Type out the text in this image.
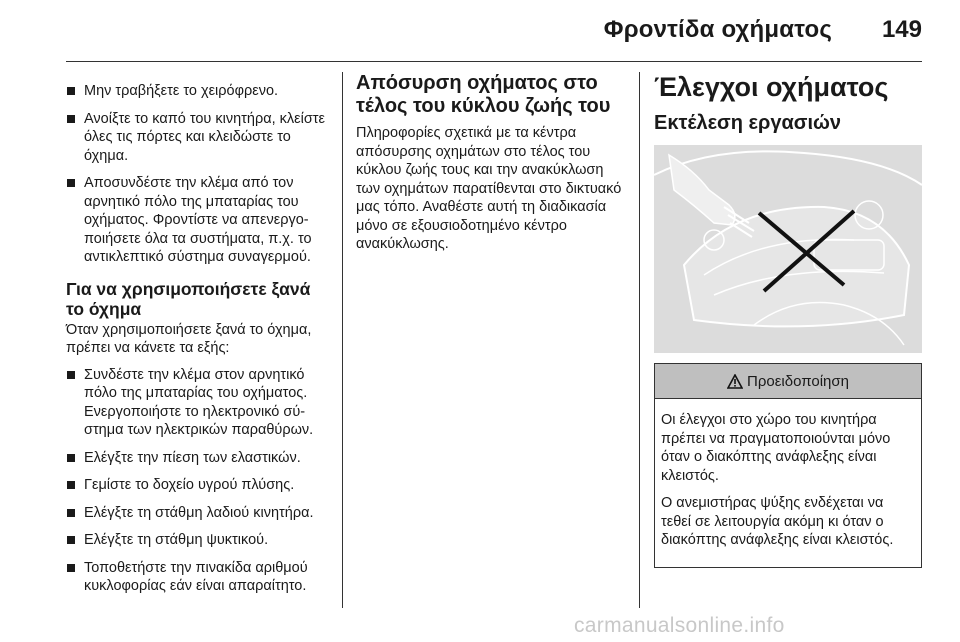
Φροντίδα οχήματος 149
Μην τραβήξετε το χειρόφρενο.
Ανοίξτε το καπό του κινητήρα, κλείστε όλες τις πόρτες και κλειδώστε το όχημα.
Αποσυνδέστε την κλέμα από τον αρνητικό πόλο της μπαταρίας του οχήματος. Φροντίστε να απενεργοποιήσετε όλα τα συστήματα, π.χ. το αντικλεπτικό σύστημα συναγερμού.
Για να χρησιμοποιήσετε ξανά το όχημα
Όταν χρησιμοποιήσετε ξανά το όχημα, πρέπει να κάνετε τα εξής:
Συνδέστε την κλέμα στον αρνητικό πόλο της μπαταρίας του οχήματος. Ενεργοποιήστε το ηλεκτρονικό σύστημα των ηλεκτρικών παραθύρων.
Ελέγξτε την πίεση των ελαστικών.
Γεμίστε το δοχείο υγρού πλύσης.
Ελέγξτε τη στάθμη λαδιού κινητήρα.
Ελέγξτε τη στάθμη ψυκτικού.
Τοποθετήστε την πινακίδα αριθμού κυκλοφορίας εάν είναι απαραίτητο.
Απόσυρση οχήματος στο τέλος του κύκλου ζωής του
Πληροφορίες σχετικά με τα κέντρα απόσυρσης οχημάτων στο τέλος του κύκλου ζωής τους και την ανακύκλωση των οχημάτων παρατίθενται στο δικτυακό μας τόπο. Αναθέστε αυτή τη διαδικασία μόνο σε εξουσιοδοτημένο κέντρο ανακύκλωσης.
Έλεγχοι οχήματος
Εκτέλεση εργασιών
Προειδοποίηση

Οι έλεγχοι στο χώρο του κινητήρα πρέπει να πραγματοποιούνται μόνο όταν ο διακόπτης ανάφλεξης είναι κλειστός.

Ο ανεμιστήρας ψύξης ενδέχεται να τεθεί σε λειτουργία ακόμη κι όταν ο διακόπτης ανάφλεξης είναι κλειστός.

carmanualsonline.info
